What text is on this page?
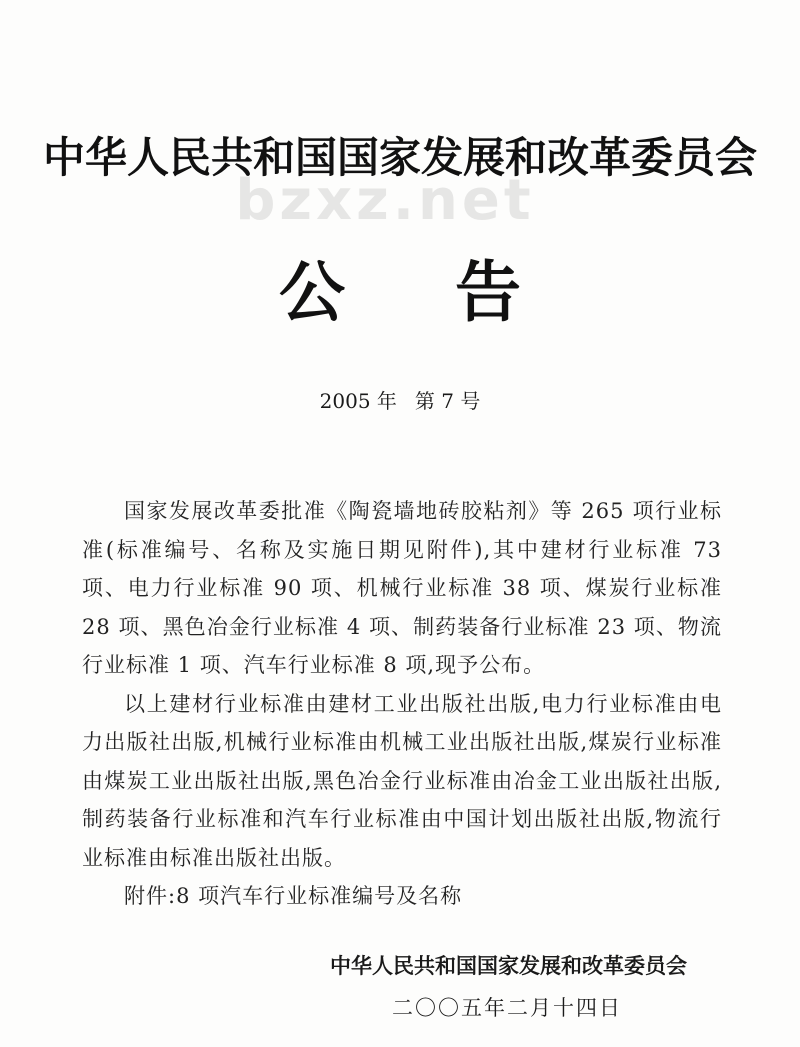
中华人民共和国国家发展和改革委员会
bzxz.net
公 告
2005 年 第 7 号

国家发展改革委批准《陶瓷墙地砖胶粘剂》等 265 项行业标准(标准编号、名称及实施日期见附件),其中建材行业标准 73 项、电力行业标准 90 项、机械行业标准 38 项、煤炭行业标准 28 项、黑色冶金行业标准 4 项、制药装备行业标准 23 项、物流行业标准 1 项、汽车行业标准 8 项,现予公布。

以上建材行业标准由建材工业出版社出版,电力行业标准由电力出版社出版,机械行业标准由机械工业出版社出版,煤炭行业标准由煤炭工业出版社出版,黑色冶金行业标准由冶金工业出版社出版,制药装备行业标准和汽车行业标准由中国计划出版社出版,物流行业标准由标准出版社出版。

附件:8 项汽车行业标准编号及名称

中华人民共和国国家发展和改革委员会
二〇〇五年二月十四日
